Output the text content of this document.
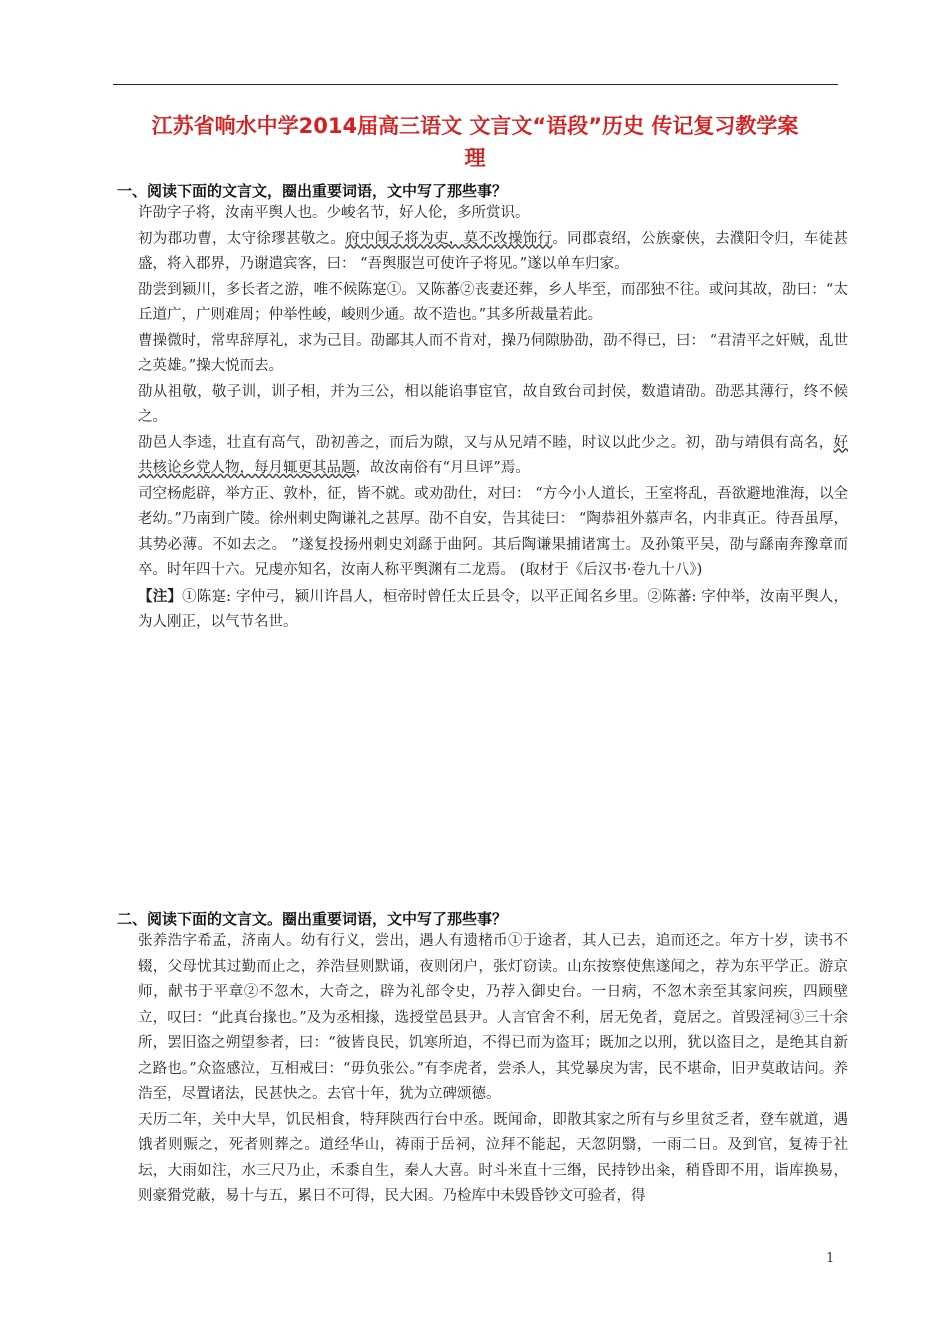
江苏省响水中学2014届高三语文 文言文“语段”历史 传记复习教学案
理
一、阅读下面的文言文，圈出重要词语，文中写了那些事？

许劭字子将，汝南平舆人也。少峻名节，好人伦，多所赏识。

初为郡功曹，太守徐璆甚敬之。府中闻子将为吏，莫不改操饰行。同郡袁绍，公族豪侠，去濮阳令归，车徒甚盛，将入郡界，乃谢遣宾客，曰： “吾舆服岂可使许子将见。”遂以单车归家。

劭尝到颍川，多长者之游，唯不候陈寔①。又陈蕃②丧妻还葬，乡人毕至，而邵独不往。或问其故，劭曰：“太丘道广，广则难周；仲举性峻，峻则少通。故不造也。”其多所裁量若此。

曹操微时，常卑辞厚礼，求为己目。劭鄙其人而不肯对，操乃伺隙胁劭，劭不得已，曰： “君清平之奸贼，乱世之英雄。”操大悦而去。

劭从祖敬，敬子训，训子相，并为三公，相以能谄事宦官，故自致台司封侯，数遣请劭。劭恶其薄行，终不候之。

劭邑人李逵，壮直有高气，劭初善之，而后为隙，又与从兄靖不睦，时议以此少之。初，劭与靖俱有高名，好共核论乡党人物，每月辄更其品题，故汝南俗有“月旦评”焉。

司空杨彪辟，举方正、敦朴，征，皆不就。或劝劭仕，对曰： “方今小人道长，王室将乱，吾欲避地淮海，以全老幼。”乃南到广陵。徐州刺史陶谦礼之甚厚。劭不自安，告其徒曰： “陶恭祖外慕声名，内非真正。待吾虽厚，其势必薄。不如去之。 ”遂复投扬州刺史刘繇于曲阿。其后陶谦果捕诸寓士。及孙策平吴，劭与繇南奔豫章而卒。时年四十六。兄虔亦知名，汝南人称平舆渊有二龙焉。 (取材于《后汉书·卷九十八》)

【注】①陈寔: 字仲弓，颍川许昌人，桓帝时曾任太丘县令，以平正闻名乡里。②陈蕃: 字仲举，汝南平舆人，为人刚正，以气节名世。

二、阅读下面的文言文。圈出重要词语，文中写了那些事？

张养浩字希孟，济南人。幼有行义，尝出，遇人有遗楮币①于途者，其人已去，追而还之。年方十岁，读书不辍，父母忧其过勤而止之，养浩昼则默诵，夜则闭户，张灯窃读。山东按察使焦遂闻之，荐为东平学正。游京师，献书于平章②不忽木，大奇之，辟为礼部令史，乃荐入御史台。一日病，不忽木亲至其家问疾，四顾壁立，叹曰：“此真台掾也。”及为丞相掾，选授堂邑县尹。人言官舍不利，居无免者，竟居之。首毁淫祠③三十余所，罢旧盗之朔望参者，曰：“彼皆良民，饥寒所迫，不得已而为盗耳；既加之以刑，犹以盗目之，是绝其自新之路也。”众盗感泣，互相戒曰：“毋负张公。”有李虎者，尝杀人，其党暴戾为害，民不堪命，旧尹莫敢诘问。养浩至，尽置诸法，民甚快之。去官十年，犹为立碑颂德。

天历二年，关中大旱，饥民相食，特拜陕西行台中丞。既闻命，即散其家之所有与乡里贫乏者，登车就道，遇饿者则赈之，死者则葬之。道经华山，祷雨于岳祠，泣拜不能起，天忽阴翳，一雨二日。及到官，复祷于社坛，大雨如注，水三尺乃止，禾黍自生，秦人大喜。时斗米直十三缗，民持钞出籴，稍昏即不用，诣库换易，则豪猾党蔽，易十与五，累日不可得，民大困。乃检库中未毁昏钞文可验者，得

1
